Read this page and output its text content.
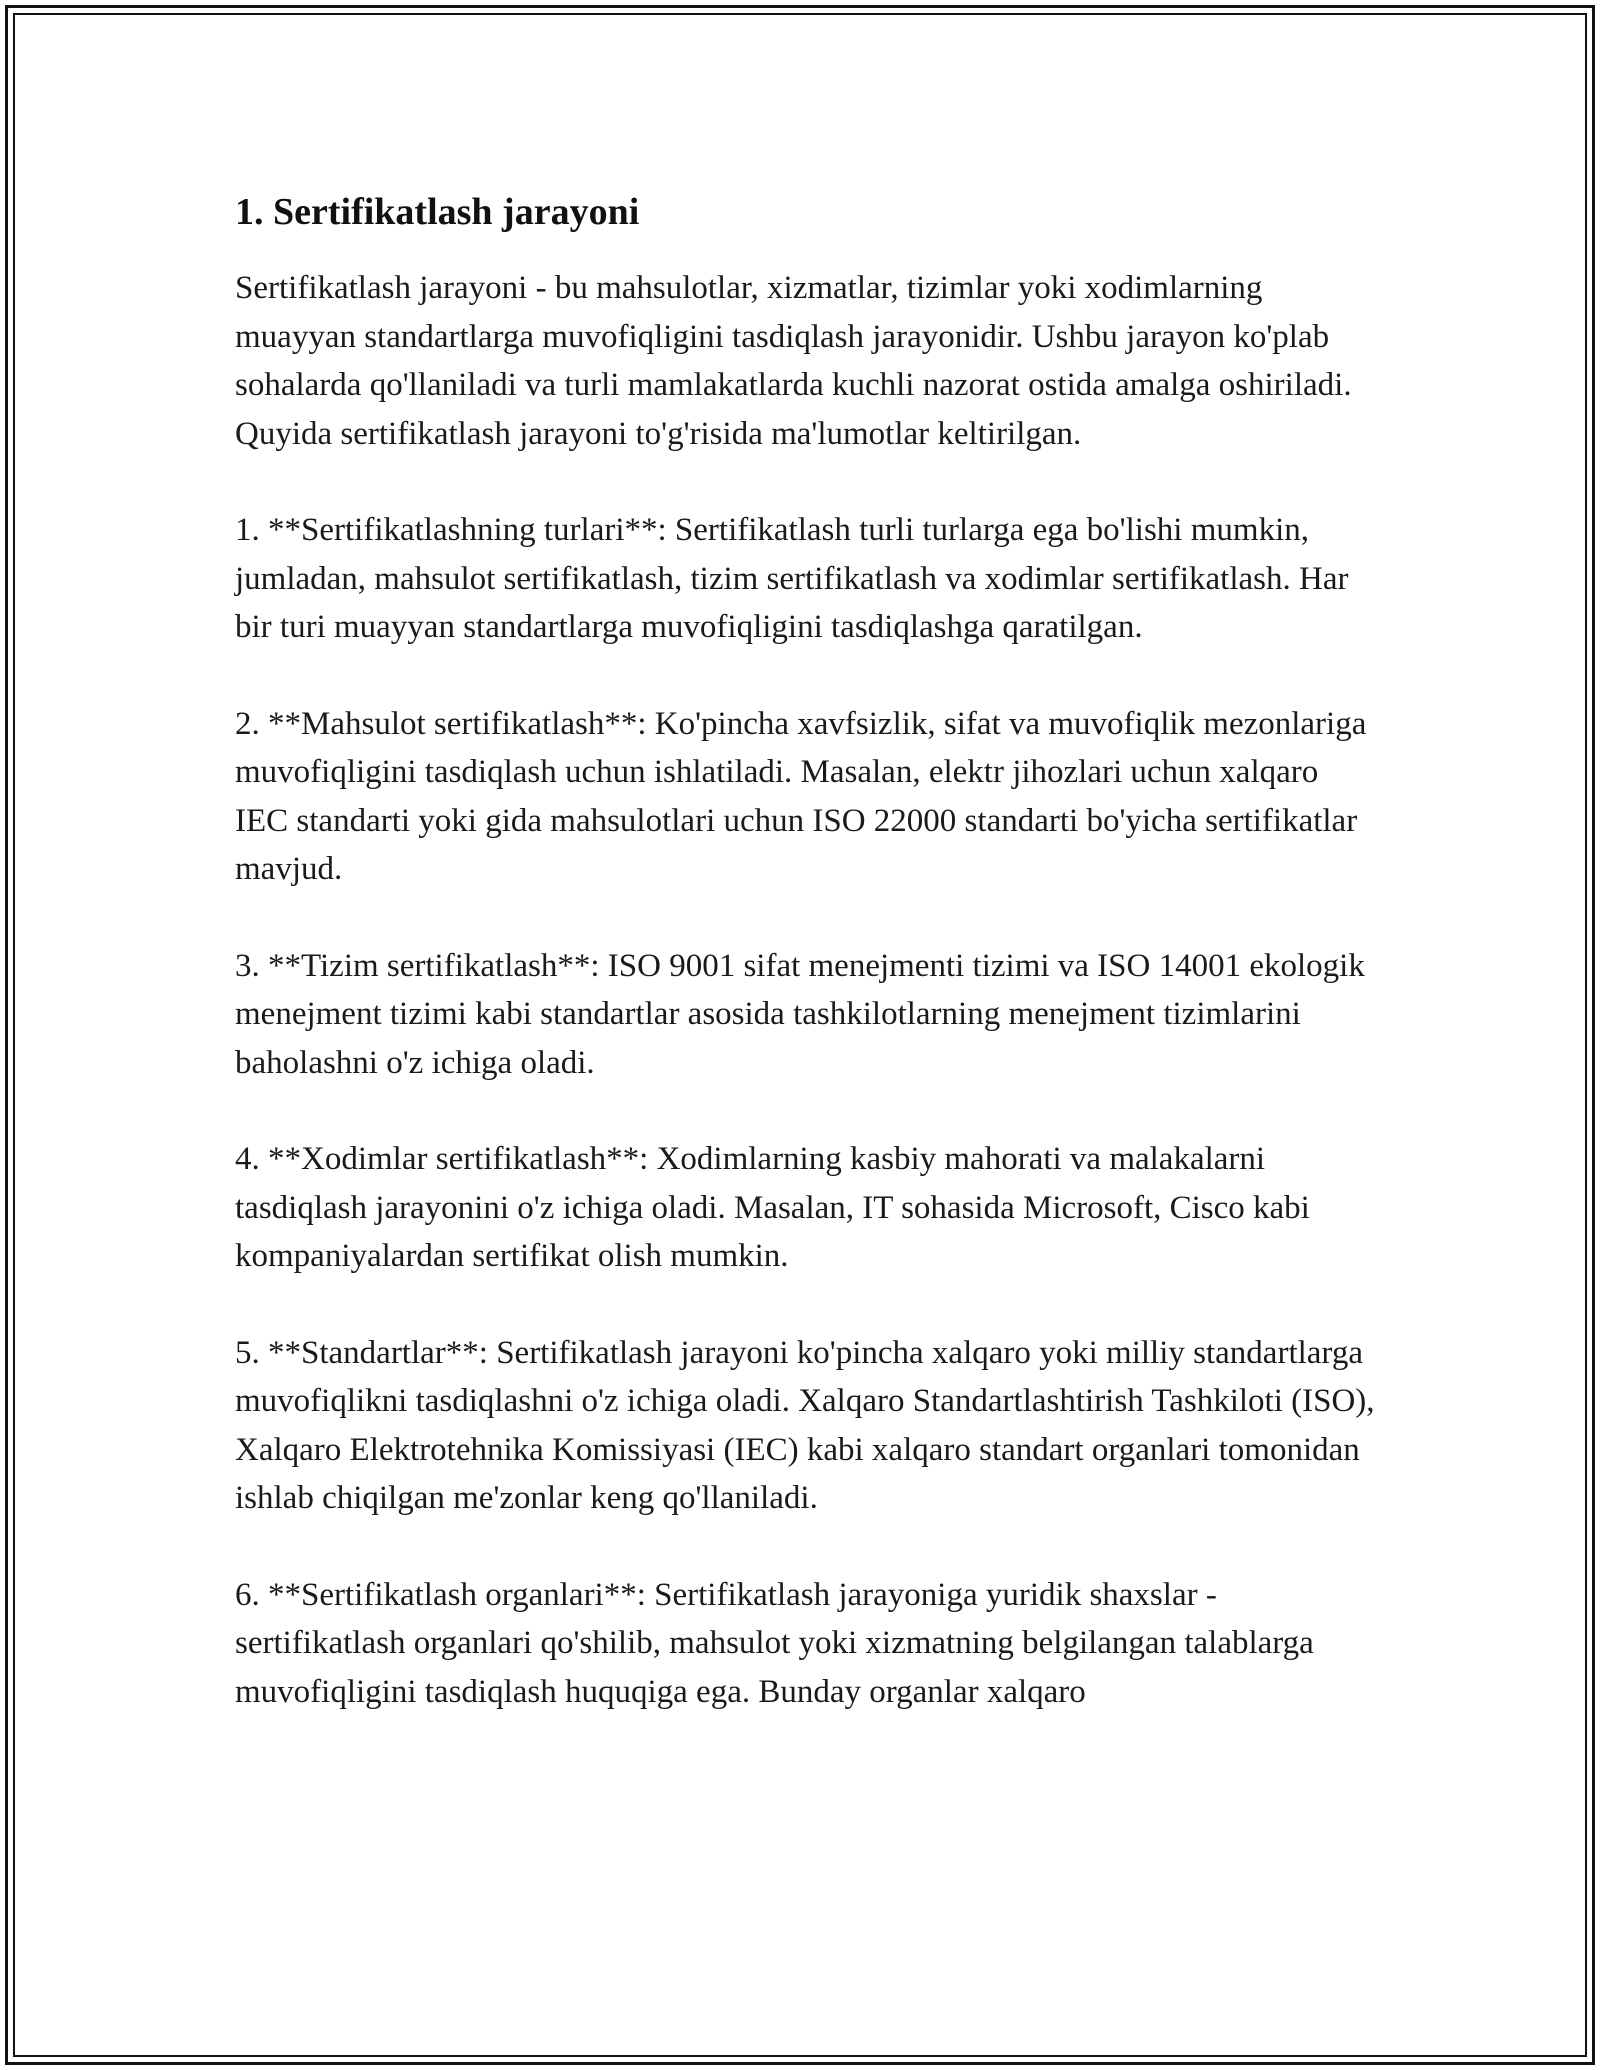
1. Sertifikatlash jarayoni

Sertifikatlash jarayoni - bu mahsulotlar, xizmatlar, tizimlar yoki xodimlarning muayyan standartlarga muvofiqligini tasdiqlash jarayonidir. Ushbu jarayon ko'plab sohalarda qo'llaniladi va turli mamlakatlarda kuchli nazorat ostida amalga oshiriladi. Quyida sertifikatlash jarayoni to'g'risida ma'lumotlar keltirilgan.

1. **Sertifikatlashning turlari**: Sertifikatlash turli turlarga ega bo'lishi mumkin, jumladan, mahsulot sertifikatlash, tizim sertifikatlash va xodimlar sertifikatlash. Har bir turi muayyan standartlarga muvofiqligini tasdiqlashga qaratilgan.

2. **Mahsulot sertifikatlash**: Ko'pincha xavfsizlik, sifat va muvofiqlik mezonlariga muvofiqligini tasdiqlash uchun ishlatiladi. Masalan, elektr jihozlari uchun xalqaro IEC standarti yoki gida mahsulotlari uchun ISO 22000 standarti bo'yicha sertifikatlar mavjud.

3. **Tizim sertifikatlash**: ISO 9001 sifat menejmenti tizimi va ISO 14001 ekologik menejment tizimi kabi standartlar asosida tashkilotlarning menejment tizimlarini baholashni o'z ichiga oladi.

4. **Xodimlar sertifikatlash**: Xodimlarning kasbiy mahorati va malakalarni tasdiqlash jarayonini o'z ichiga oladi. Masalan, IT sohasida Microsoft, Cisco kabi kompaniyalardan sertifikat olish mumkin.

5. **Standartlar**: Sertifikatlash jarayoni ko'pincha xalqaro yoki milliy standartlarga muvofiqlikni tasdiqlashni o'z ichiga oladi. Xalqaro Standartlashtirish Tashkiloti (ISO), Xalqaro Elektrotehnika Komissiyasi (IEC) kabi xalqaro standart organlari tomonidan ishlab chiqilgan me'zonlar keng qo'llaniladi.

6. **Sertifikatlash organlari**: Sertifikatlash jarayoniga yuridik shaxslar - sertifikatlash organlari qo'shilib, mahsulot yoki xizmatning belgilangan talablarga muvofiqligini tasdiqlash huquqiga ega. Bunday organlar xalqaro
